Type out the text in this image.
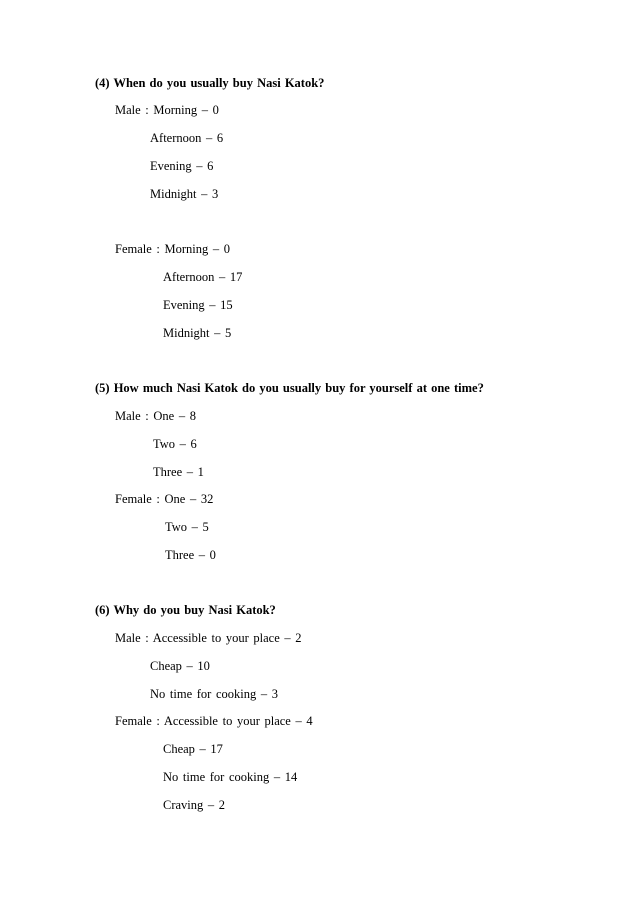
(4) When do you usually buy Nasi Katok?
Male : Morning – 0
Afternoon – 6
Evening – 6
Midnight – 3
Female : Morning – 0
Afternoon – 17
Evening – 15
Midnight – 5
(5) How much Nasi Katok do you usually buy for yourself at one time?
Male : One – 8
Two – 6
Three – 1
Female : One – 32
Two – 5
Three – 0
(6) Why do you buy Nasi Katok?
Male : Accessible to your place – 2
Cheap – 10
No time for cooking – 3
Female : Accessible to your place – 4
Cheap – 17
No time for cooking – 14
Craving – 2
